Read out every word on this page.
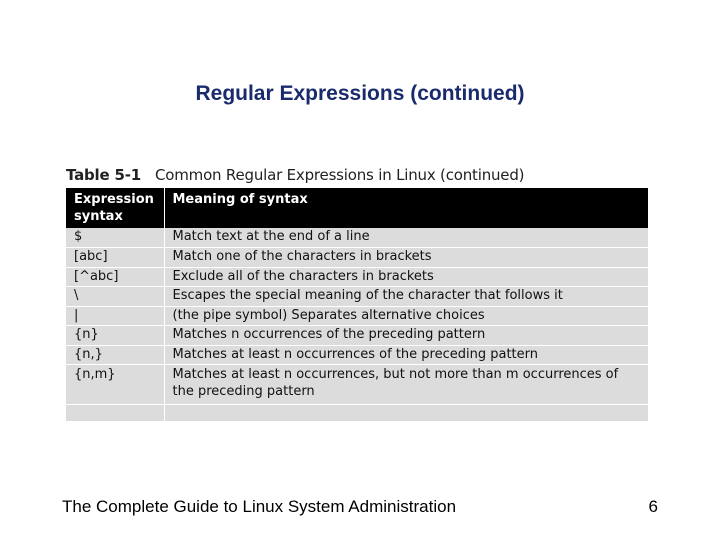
Regular Expressions (continued)
Table 5-1 Common Regular Expressions in Linux (continued)
Expression syntax	Meaning of syntax
$	Match text at the end of a line
[abc]	Match one of the characters in brackets
[^abc]	Exclude all of the characters in brackets
\	Escapes the special meaning of the character that follows it
|	(the pipe symbol) Separates alternative choices
{n}	Matches n occurrences of the preceding pattern
{n,}	Matches at least n occurrences of the preceding pattern
{n,m}	Matches at least n occurrences, but not more than m occurrences of the preceding pattern

The Complete Guide to Linux System Administration	6
